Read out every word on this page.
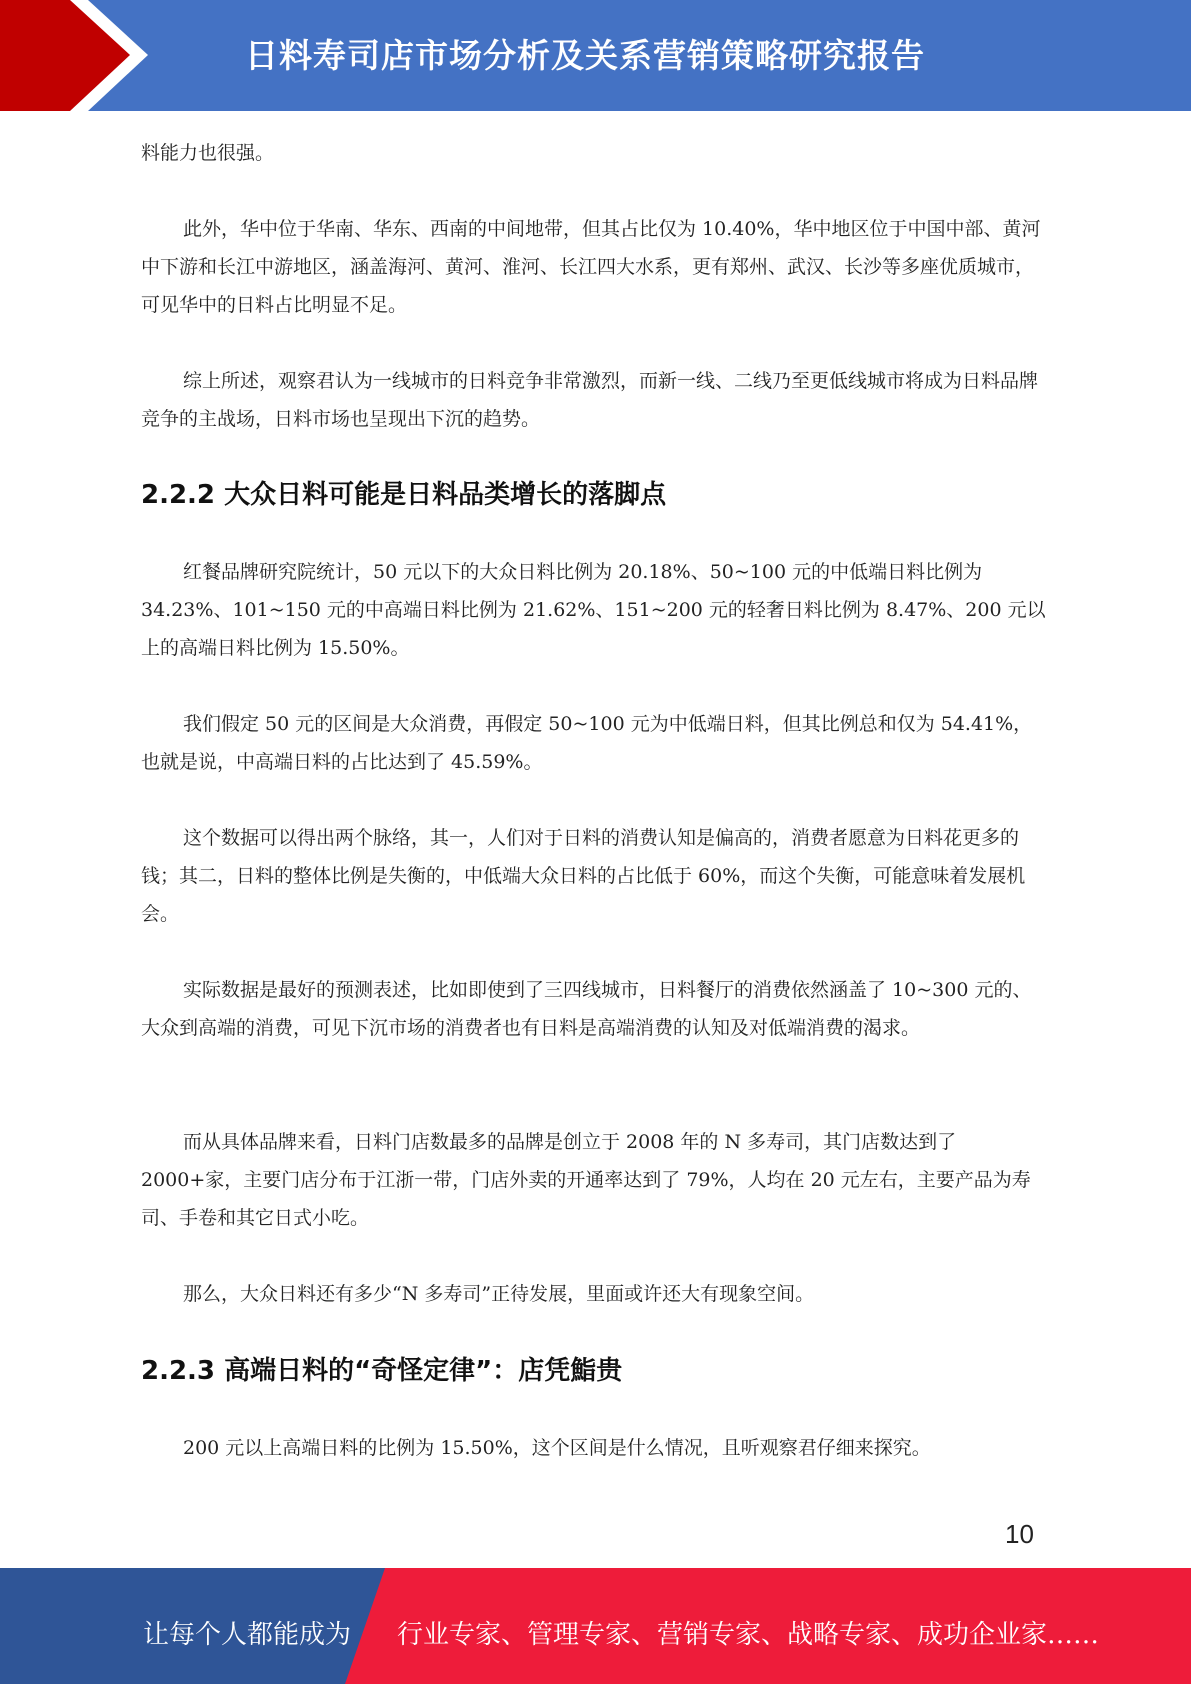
日料寿司店市场分析及关系营销策略研究报告

料能力也很强。

此外，华中位于华南、华东、西南的中间地带，但其占比仅为 10.40%，华中地区位于中国中部、黄河中下游和长江中游地区，涵盖海河、黄河、淮河、长江四大水系，更有郑州、武汉、长沙等多座优质城市，可见华中的日料占比明显不足。

综上所述，观察君认为一线城市的日料竞争非常激烈，而新一线、二线乃至更低线城市将成为日料品牌竞争的主战场，日料市场也呈现出下沉的趋势。

2.2.2 大众日料可能是日料品类增长的落脚点

红餐品牌研究院统计，50 元以下的大众日料比例为 20.18%、50~100 元的中低端日料比例为 34.23%、101~150 元的中高端日料比例为 21.62%、151~200 元的轻奢日料比例为 8.47%、200 元以上的高端日料比例为 15.50%。

我们假定 50 元的区间是大众消费，再假定 50~100 元为中低端日料，但其比例总和仅为 54.41%，也就是说，中高端日料的占比达到了 45.59%。

这个数据可以得出两个脉络，其一，人们对于日料的消费认知是偏高的，消费者愿意为日料花更多的钱；其二，日料的整体比例是失衡的，中低端大众日料的占比低于 60%，而这个失衡，可能意味着发展机会。

实际数据是最好的预测表述，比如即使到了三四线城市，日料餐厅的消费依然涵盖了 10~300 元的、大众到高端的消费，可见下沉市场的消费者也有日料是高端消费的认知及对低端消费的渴求。

而从具体品牌来看，日料门店数最多的品牌是创立于 2008 年的 N 多寿司，其门店数达到了 2000+家，主要门店分布于江浙一带，门店外卖的开通率达到了 79%，人均在 20 元左右，主要产品为寿司、手卷和其它日式小吃。

那么，大众日料还有多少“N 多寿司”正待发展，里面或许还大有现象空间。

2.2.3 高端日料的“奇怪定律”：店凭鮨贵

200 元以上高端日料的比例为 15.50%，这个区间是什么情况，且听观察君仔细来探究。

10
让每个人都能成为 行业专家、管理专家、营销专家、战略专家、成功企业家……
